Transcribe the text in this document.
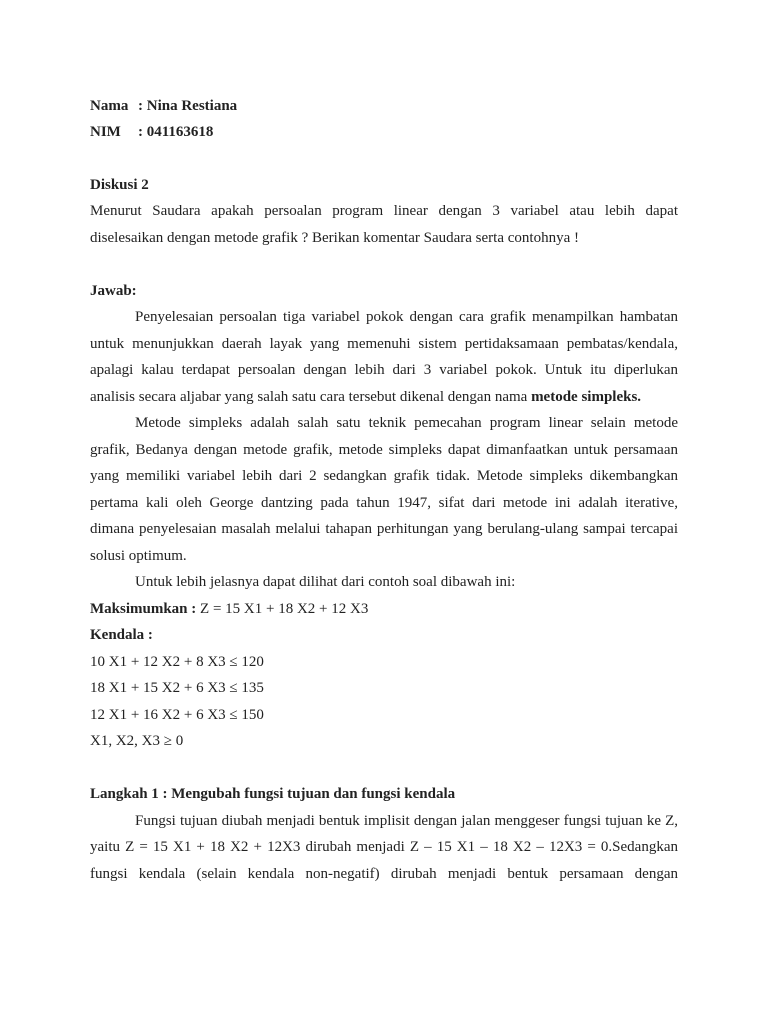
Nama : Nina Restiana
NIM : 041163618
Diskusi 2
Menurut Saudara apakah persoalan program linear dengan 3 variabel atau lebih dapat
diselesaikan dengan metode grafik ? Berikan komentar Saudara serta contohnya !
Jawab:
Penyelesaian persoalan tiga variabel pokok dengan cara grafik menampilkan hambatan
untuk menunjukkan daerah layak yang memenuhi sistem pertidaksamaan pembatas/kendala,
apalagi kalau terdapat persoalan dengan lebih dari 3 variabel pokok. Untuk itu diperlukan
analisis secara aljabar yang salah satu cara tersebut dikenal dengan nama metode simpleks.
Metode simpleks adalah salah satu teknik pemecahan program linear selain metode
grafik, Bedanya dengan metode grafik, metode simpleks dapat dimanfaatkan untuk persamaan
yang memiliki variabel lebih dari 2 sedangkan grafik tidak. Metode simpleks dikembangkan
pertama kali oleh George dantzing pada tahun 1947, sifat dari metode ini adalah iterative,
dimana penyelesaian masalah melalui tahapan perhitungan yang berulang-ulang sampai tercapai
solusi optimum.
Untuk lebih jelasnya dapat dilihat dari contoh soal dibawah ini:
Maksimumkan : Z = 15 X1 + 18 X2 + 12 X3
Kendala :
10 X1 + 12 X2 + 8 X3 ≤ 120
18 X1 + 15 X2 + 6 X3 ≤ 135
12 X1 + 16 X2 + 6 X3 ≤ 150
X1, X2, X3 ≥ 0
Langkah 1 : Mengubah fungsi tujuan dan fungsi kendala
Fungsi tujuan diubah menjadi bentuk implisit dengan jalan menggeser fungsi tujuan ke Z,
yaitu Z = 15 X1 + 18 X2 + 12X3 dirubah menjadi Z – 15 X1 – 18 X2 – 12X3 = 0.Sedangkan
fungsi kendala (selain kendala non-negatif) dirubah menjadi bentuk persamaan dengan
